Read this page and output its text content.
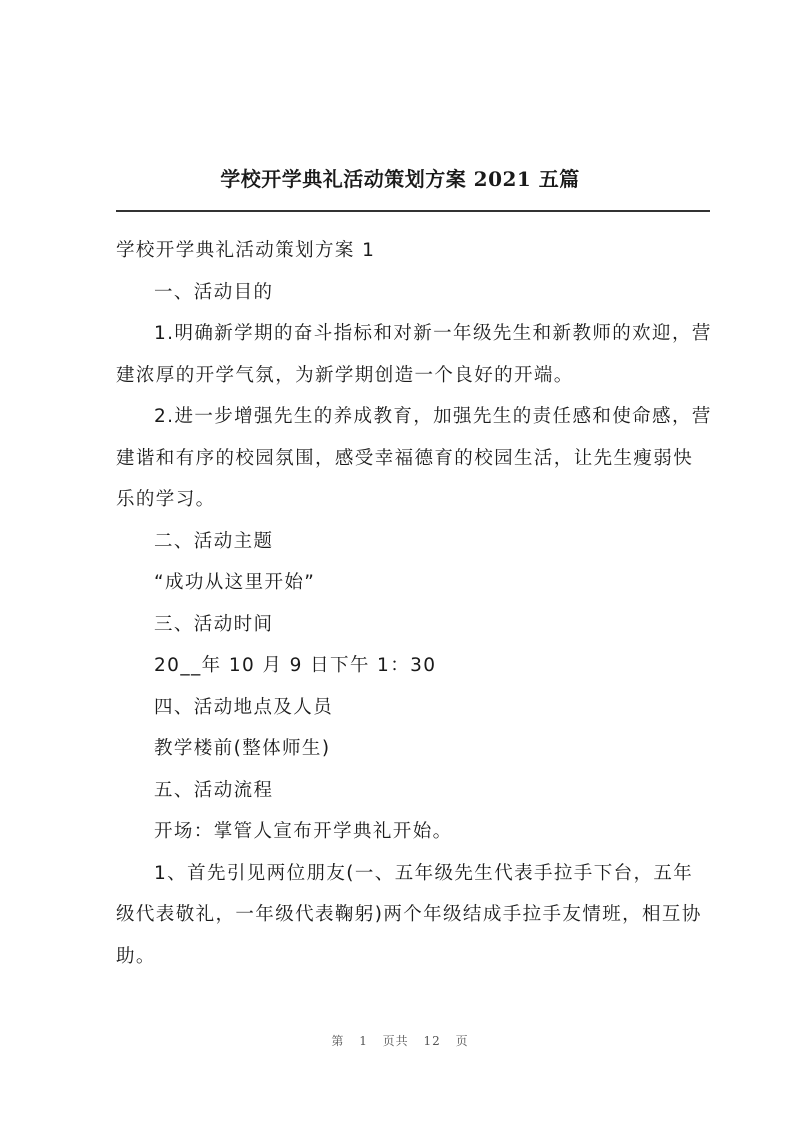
学校开学典礼活动策划方案 2021 五篇

学校开学典礼活动策划方案 1

一、活动目的

1.明确新学期的奋斗指标和对新一年级先生和新教师的欢迎，营建浓厚的开学气氛，为新学期创造一个良好的开端。

2.进一步增强先生的养成教育，加强先生的责任感和使命感，营建谐和有序的校园氛围，感受幸福德育的校园生活，让先生瘦弱快乐的学习。

二、活动主题

“成功从这里开始”

三、活动时间

20__年 10 月 9 日下午 1：30

四、活动地点及人员

教学楼前(整体师生)

五、活动流程

开场：掌管人宣布开学典礼开始。

1、首先引见两位朋友(一、五年级先生代表手拉手下台，五年级代表敬礼，一年级代表鞠躬)两个年级结成手拉手友情班，相互协助。

第 1 页共 12 页
